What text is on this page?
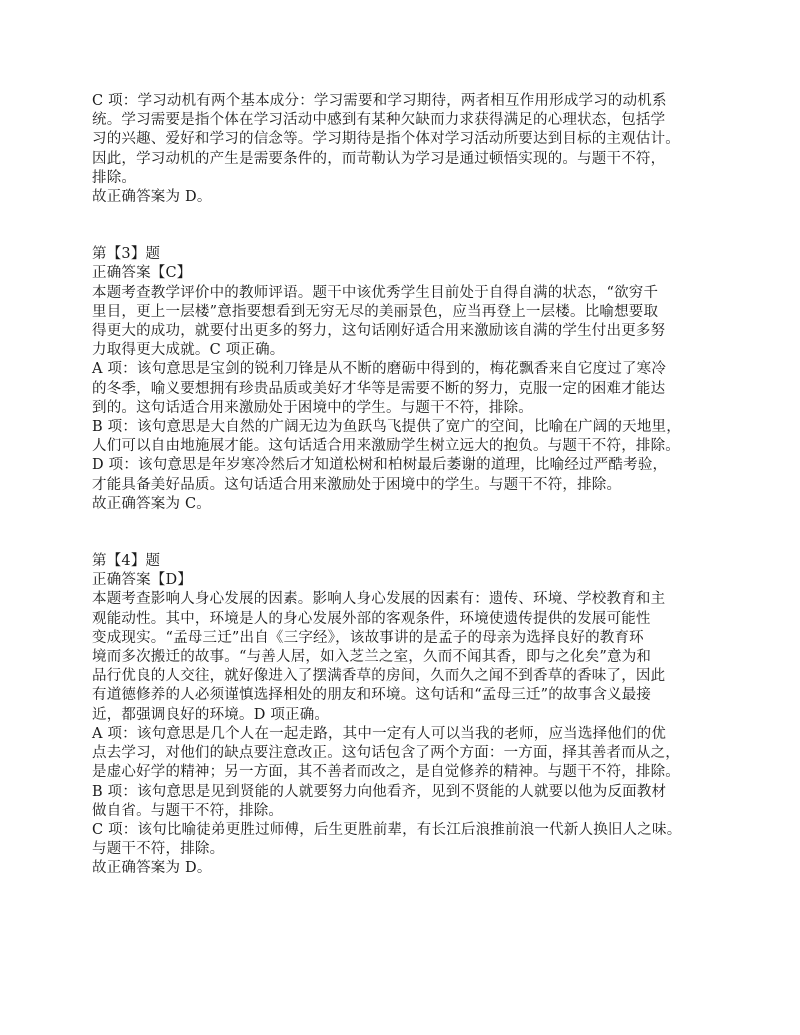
C 项：学习动机有两个基本成分：学习需要和学习期待，两者相互作用形成学习的动机系
统。学习需要是指个体在学习活动中感到有某种欠缺而力求获得满足的心理状态，包括学
习的兴趣、爱好和学习的信念等。学习期待是指个体对学习活动所要达到目标的主观估计。
因此，学习动机的产生是需要条件的，而苛勒认为学习是通过顿悟实现的。与题干不符，
排除。
故正确答案为 D。
第【3】题
正确答案【C】
本题考查教学评价中的教师评语。题干中该优秀学生目前处于自得自满的状态，“欲穷千
里目，更上一层楼”意指要想看到无穷无尽的美丽景色，应当再登上一层楼。比喻想要取
得更大的成功，就要付出更多的努力，这句话刚好适合用来激励该自满的学生付出更多努
力取得更大成就。C 项正确。
A 项：该句意思是宝剑的锐利刀锋是从不断的磨砺中得到的，梅花飘香来自它度过了寒冷
的冬季，喻义要想拥有珍贵品质或美好才华等是需要不断的努力，克服一定的困难才能达
到的。这句话适合用来激励处于困境中的学生。与题干不符，排除。
B 项：该句意思是大自然的广阔无边为鱼跃鸟飞提供了宽广的空间，比喻在广阔的天地里，
人们可以自由地施展才能。这句话适合用来激励学生树立远大的抱负。与题干不符，排除。
D 项：该句意思是年岁寒冷然后才知道松树和柏树最后萎谢的道理，比喻经过严酷考验，
才能具备美好品质。这句话适合用来激励处于困境中的学生。与题干不符，排除。
故正确答案为 C。
第【4】题
正确答案【D】
本题考查影响人身心发展的因素。影响人身心发展的因素有：遗传、环境、学校教育和主
观能动性。其中，环境是人的身心发展外部的客观条件，环境使遗传提供的发展可能性
变成现实。“孟母三迁”出自《三字经》，该故事讲的是孟子的母亲为选择良好的教育环
境而多次搬迁的故事。“与善人居，如入芝兰之室，久而不闻其香，即与之化矣”意为和
品行优良的人交往，就好像进入了摆满香草的房间，久而久之闻不到香草的香味了，因此
有道德修养的人必须谨慎选择相处的朋友和环境。这句话和“孟母三迁”的故事含义最接
近，都强调良好的环境。D 项正确。
A 项：该句意思是几个人在一起走路，其中一定有人可以当我的老师，应当选择他们的优
点去学习，对他们的缺点要注意改正。这句话包含了两个方面：一方面，择其善者而从之，
是虚心好学的精神；另一方面，其不善者而改之，是自觉修养的精神。与题干不符，排除。
B 项：该句意思是见到贤能的人就要努力向他看齐，见到不贤能的人就要以他为反面教材
做自省。与题干不符，排除。
C 项：该句比喻徒弟更胜过师傅，后生更胜前辈，有长江后浪推前浪一代新人换旧人之味。
与题干不符，排除。
故正确答案为 D。
